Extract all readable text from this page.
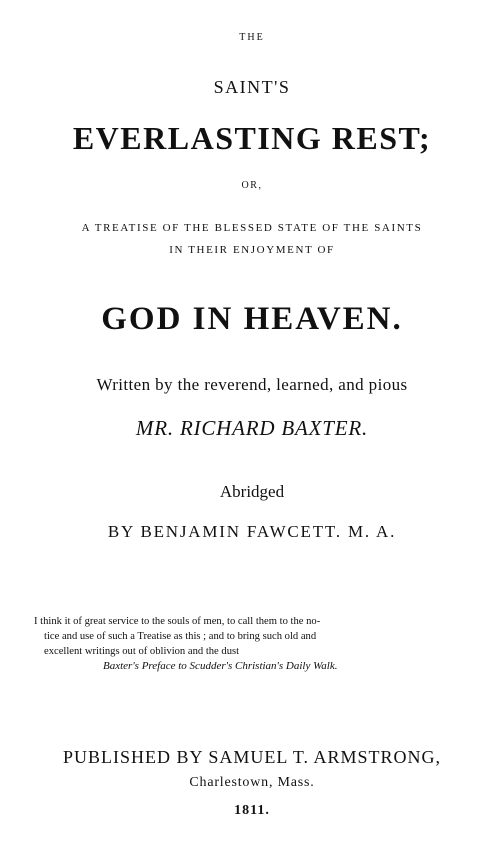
THE
SAINT'S
EVERLASTING REST;
OR,
A TREATISE OF THE BLESSED STATE OF THE SAINTS
IN THEIR ENJOYMENT OF
GOD IN HEAVEN.
Written by the reverend, learned, and pious
MR. RICHARD BAXTER.
Abridged
BY BENJAMIN FAWCETT. M. A.
I think it of great service to the souls of men, to call them to the no-
tice and use of such a Treatise as this ; and to bring such old and
excellent writings out of oblivion and the dust
Baxter's Preface to Scudder's Christian's Daily Walk.
PUBLISHED BY SAMUEL T. ARMSTRONG,
Charlestown, Mass.
1811.
